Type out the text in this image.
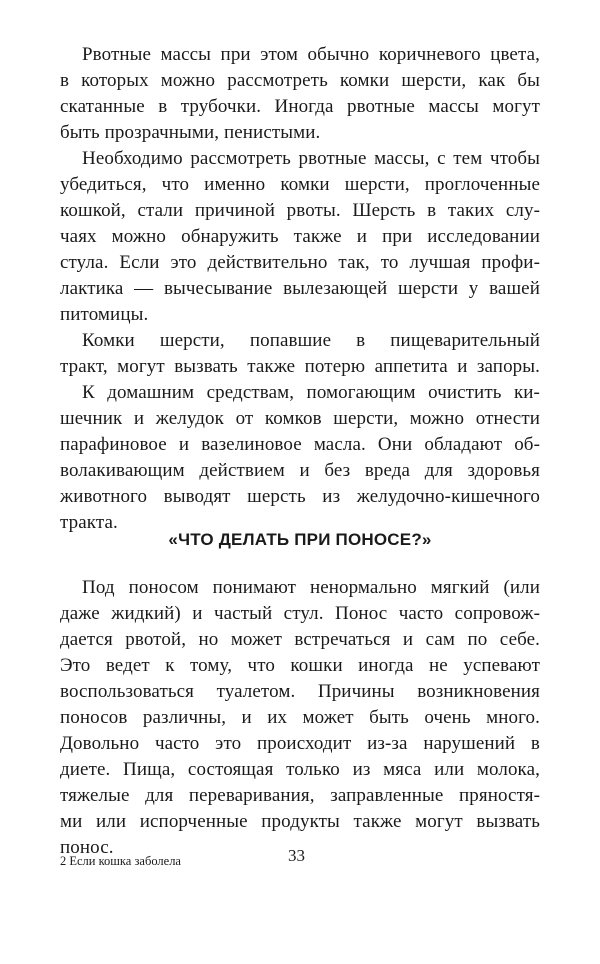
Рвотные массы при этом обычно коричневого цвета,
в которых можно рассмотреть комки шерсти, как бы
скатанные в трубочки. Иногда рвотные массы могут
быть прозрачными, пенистыми.
Необходимо рассмотреть рвотные массы, с тем чтобы
убедиться, что именно комки шерсти, проглоченные
кошкой, стали причиной рвоты. Шерсть в таких слу-
чаях можно обнаружить также и при исследовании
стула. Если это действительно так, то лучшая профи-
лактика — вычесывание вылезающей шерсти у вашей
питомицы.
Комки шерсти, попавшие в пищеварительный
тракт, могут вызвать также потерю аппетита и запоры.
К домашним средствам, помогающим очистить ки-
шечник и желудок от комков шерсти, можно отнести
парафиновое и вазелиновое масла. Они обладают об-
волакивающим действием и без вреда для здоровья
животного выводят шерсть из желудочно-кишечного
тракта.
«ЧТО ДЕЛАТЬ ПРИ ПОНОСЕ?»
Под поносом понимают ненормально мягкий (или
даже жидкий) и частый стул. Понос часто сопровож-
дается рвотой, но может встречаться и сам по себе.
Это ведет к тому, что кошки иногда не успевают
воспользоваться туалетом. Причины возникновения
поносов различны, и их может быть очень много.
Довольно часто это происходит из-за нарушений в
диете. Пища, состоящая только из мяса или молока,
тяжелые для переваривания, заправленные пряностя-
ми или испорченные продукты также могут вызвать
понос.
2 Если кошка заболела	33
